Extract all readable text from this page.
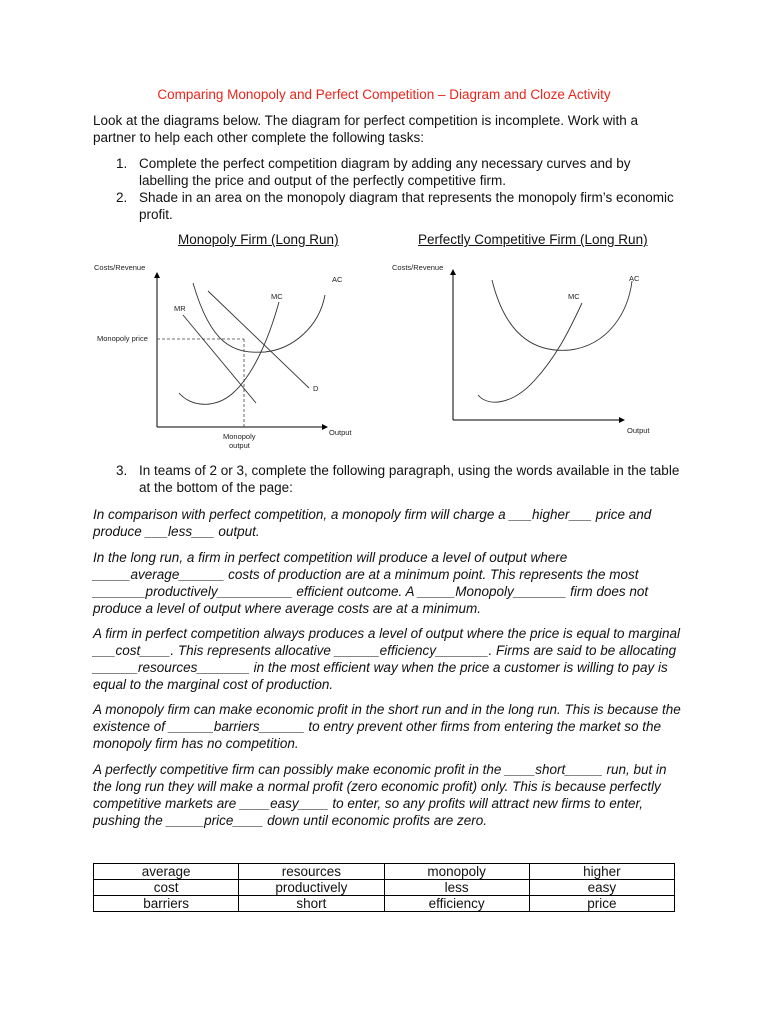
Comparing Monopoly and Perfect Competition – Diagram and Cloze Activity

Look at the diagrams below. The diagram for perfect competition is incomplete. Work with a partner to help each other complete the following tasks:

1. Complete the perfect competition diagram by adding any necessary curves and by labelling the price and output of the perfectly competitive firm.
2. Shade in an area on the monopoly diagram that represents the monopoly firm’s economic profit.
Monopoly Firm (Long Run)	Perfectly Competitive Firm (Long Run)
Costs/Revenue
Output
AC
MC
D
MR
Monopoly price
Monopoly
output
Costs/Revenue
Output
AC
MC
3. In teams of 2 or 3, complete the following paragraph, using the words available in the table at the bottom of the page:

In comparison with perfect competition, a monopoly firm will charge a ___higher___ price and produce ___less___ output.

In the long run, a firm in perfect competition will produce a level of output where _____average______ costs of production are at a minimum point. This represents the most _______productively__________ efficient outcome. A _____Monopoly_______ firm does not produce a level of output where average costs are at a minimum.

A firm in perfect competition always produces a level of output where the price is equal to marginal ___cost____. This represents allocative ______efficiency_______. Firms are said to be allocating ______resources_______ in the most efficient way when the price a customer is willing to pay is equal to the marginal cost of production.

A monopoly firm can make economic profit in the short run and in the long run. This is because the existence of ______barriers______ to entry prevent other firms from entering the market so the monopoly firm has no competition.

A perfectly competitive firm can possibly make economic profit in the ____short_____ run, but in the long run they will make a normal profit (zero economic profit) only. This is because perfectly competitive markets are ____easy____ to enter, so any profits will attract new firms to enter, pushing the _____price____ down until economic profits are zero.

average	resources	monopoly	higher
cost	productively	less	easy
barriers	short	efficiency	price
